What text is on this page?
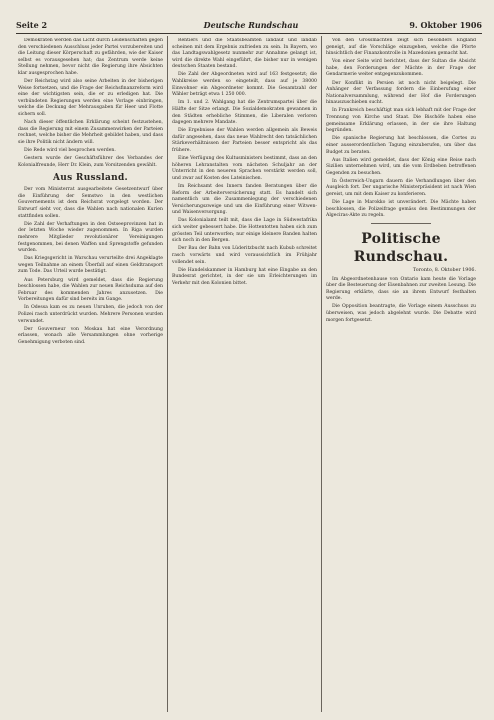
Seite 2	Deutsche Rundschau	9. Oktober 1906

Demokraten werden das Licht durch Leidenschaften gegen den verschiedenen Ausschluss jeder Partei vorzubereiten und die Leitung dieser Körperschaft zu gefährden, wie der Kaiser selbst es vorausgesehen hat; das Zentrum werde keine Stellung nehmen, bevor nicht die Regierung ihre Absichten klar ausgesprochen habe.

Der Reichstag wird also seine Arbeiten in der bisherigen Weise fortsetzen, und die Frage der Reichsfinanzreform wird eine der wichtigsten sein, die er zu erledigen hat. Die verbündeten Regierungen werden eine Vorlage einbringen, welche die Deckung der Mehrausgaben für Heer und Flotte sichern soll.

Nach dieser öffentlichen Erklärung scheint festzustehen, dass die Regierung mit einem Zusammenwirken der Parteien rechnet, welche bisher die Mehrheit gebildet haben, und dass sie ihre Politik nicht ändern will.

Die Rede wird viel besprochen werden.

Gestern wurde der Geschäftsführer des Verbandes der Kolonialfreunde, Herr Dr. Klein, zum Vorsitzenden gewählt.

Aus Russland.

Der vom Ministerrat ausgearbeitete Gesetzentwurf über die Einführung der Semstwo in den westlichen Gouvernements ist dem Reichsrat vorgelegt worden. Der Entwurf sieht vor, dass die Wahlen nach nationalen Kurien stattfinden sollen.

Die Zahl der Verhaftungen in den Ostseeprovinzen hat in der letzten Woche wieder zugenommen. In Riga wurden mehrere Mitglieder revolutionärer Vereinigungen festgenommen, bei denen Waffen und Sprengstoffe gefunden wurden.

Das Kriegsgericht in Warschau verurteilte drei Angeklagte wegen Teilnahme an einem Überfall auf einen Geldtransport zum Tode. Das Urteil wurde bestätigt.

Aus Petersburg wird gemeldet, dass die Regierung beschlossen habe, die Wahlen zur neuen Reichsduma auf den Februar des kommenden Jahres anzusetzen. Die Vorbereitungen dafür sind bereits im Gange.

In Odessa kam es zu neuen Unruhen, die jedoch von der Polizei rasch unterdrückt wurden. Mehrere Personen wurden verwundet.

Der Gouverneur von Moskau hat eine Verordnung erlassen, wonach alle Versammlungen ohne vorherige Genehmigung verboten sind.

Rentiers und die Staatsbeamten landauf und landab scheinen mit dem Ergebnis zufrieden zu sein. In Bayern, wo das Landtagswahlgesetz nunmehr zur Annahme gelangt ist, wird die direkte Wahl eingeführt, die bisher nur in wenigen deutschen Staaten bestand.

Die Zahl der Abgeordneten wird auf 163 festgesetzt; die Wahlkreise werden so eingeteilt, dass auf je 38000 Einwohner ein Abgeordneter kommt. Die Gesamtzahl der Wähler beträgt etwa 1 250 000.

Im 1. und 2. Wahlgang hat die Zentrumspartei über die Hälfte der Sitze erlangt. Die Sozialdemokraten gewannen in den Städten erhebliche Stimmen, die Liberalen verloren dagegen mehrere Mandate.

Die Ergebnisse der Wahlen werden allgemein als Beweis dafür angesehen, dass das neue Wahlrecht den tatsächlichen Stärkeverhältnissen der Parteien besser entspricht als das frühere.

Eine Verfügung des Kultusministers bestimmt, dass an den höheren Lehranstalten vom nächsten Schuljahr an der Unterricht in den neueren Sprachen verstärkt werden soll, und zwar auf Kosten des Lateinischen.

Im Reichsamt des Innern fanden Beratungen über die Reform der Arbeiterversicherung statt. Es handelt sich namentlich um die Zusammenlegung der verschiedenen Versicherungszweige und um die Einführung einer Witwen- und Waisenversorgung.

Das Kolonialamt teilt mit, dass die Lage in Südwestafrika sich weiter gebessert habe. Die Hottentotten haben sich zum grössten Teil unterworfen; nur einige kleinere Banden halten sich noch in den Bergen.

Der Bau der Bahn von Lüderitzbucht nach Kubub schreitet rasch vorwärts und wird voraussichtlich im Frühjahr vollendet sein.

Die Handelskammer in Hamburg hat eine Eingabe an den Bundesrat gerichtet, in der sie um Erleichterungen im Verkehr mit den Kolonien bittet.

Von den Grossmächten zeigt sich besonders England geneigt, auf die Vorschläge einzugehen, welche die Pforte hinsichtlich der Finanzkontrolle in Mazedonien gemacht hat.

Von einer Seite wird berichtet, dass der Sultan die Absicht habe, den Forderungen der Mächte in der Frage der Gendarmerie weiter entgegenzukommen.

Der Konflikt in Persien ist noch nicht beigelegt. Die Anhänger der Verfassung fordern die Einberufung einer Nationalversammlung, während der Hof die Forderungen hinauszuschieben sucht.

In Frankreich beschäftigt man sich lebhaft mit der Frage der Trennung von Kirche und Staat. Die Bischöfe haben eine gemeinsame Erklärung erlassen, in der sie ihre Haltung begründen.

Die spanische Regierung hat beschlossen, die Cortes zu einer ausserordentlichen Tagung einzuberufen, um über das Budget zu beraten.

Aus Italien wird gemeldet, dass der König eine Reise nach Sizilien unternehmen wird, um die vom Erdbeben betroffenen Gegenden zu besuchen.

In Österreich-Ungarn dauern die Verhandlungen über den Ausgleich fort. Der ungarische Ministerpräsident ist nach Wien gereist, um mit dem Kaiser zu konferieren.

Die Lage in Marokko ist unverändert. Die Mächte haben beschlossen, die Polizeifrage gemäss den Bestimmungen der Algeciras-Akte zu regeln.

Politische Rundschau.
Toronto, 8. Oktober 1906.

Im Abgeordnetenhause von Ontario kam heute die Vorlage über die Besteuerung der Eisenbahnen zur zweiten Lesung. Die Regierung erklärte, dass sie an ihrem Entwurf festhalten werde.

Die Opposition beantragte, die Vorlage einem Ausschuss zu überweisen, was jedoch abgelehnt wurde. Die Debatte wird morgen fortgesetzt.
